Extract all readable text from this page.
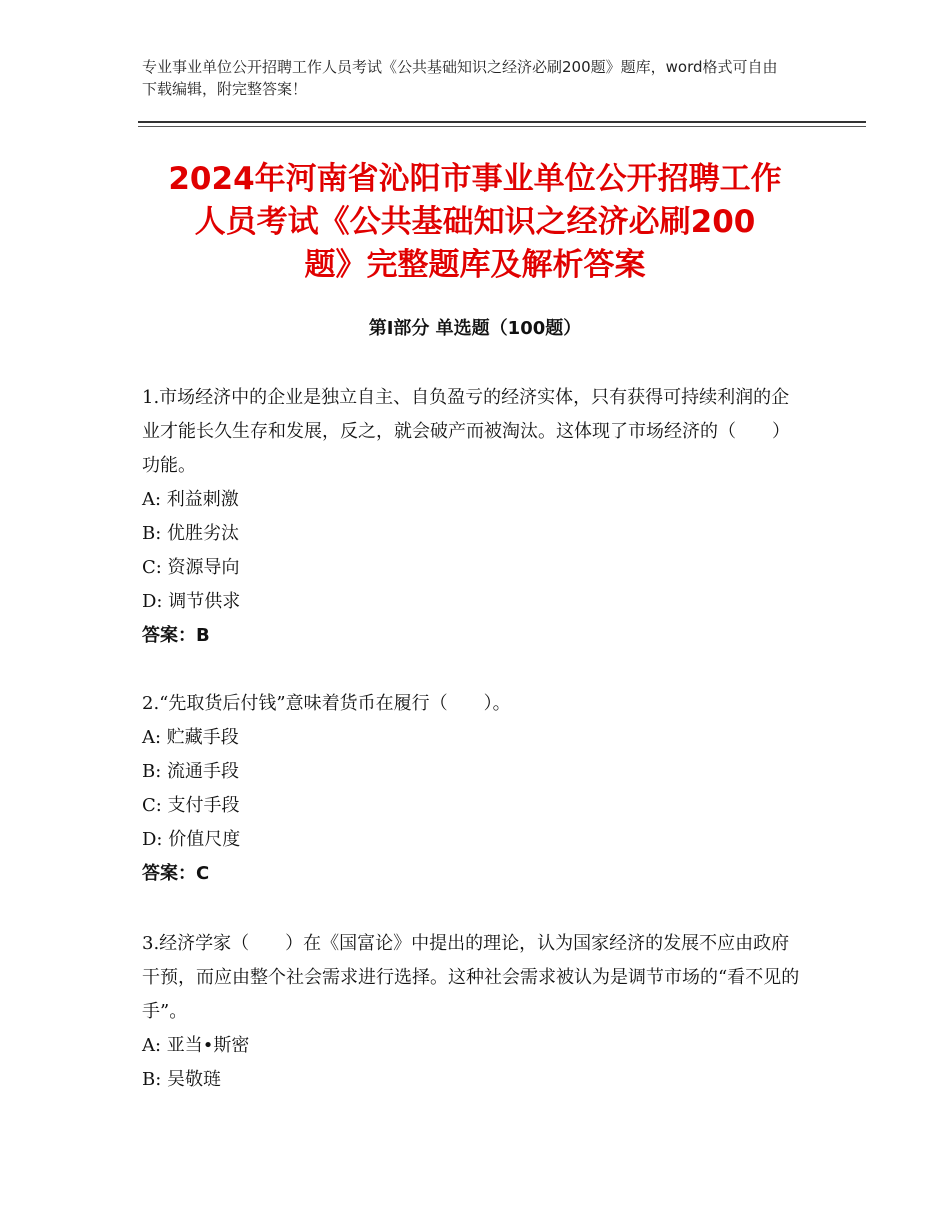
专业事业单位公开招聘工作人员考试《公共基础知识之经济必刷200题》题库，word格式可自由下载编辑，附完整答案！
2024年河南省沁阳市事业单位公开招聘工作
人员考试《公共基础知识之经济必刷200
题》完整题库及解析答案
第Ⅰ部分 单选题（100题）

1.市场经济中的企业是独立自主、自负盈亏的经济实体，只有获得可持续利润的企业才能长久生存和发展，反之，就会破产而被淘汰。这体现了市场经济的（　　）功能。

A: 利益刺激
B: 优胜劣汰
C: 资源导向
D: 调节供求
答案：B

2.“先取货后付钱”意味着货币在履行（　　）。

A: 贮藏手段
B: 流通手段
C: 支付手段
D: 价值尺度
答案：C

3.经济学家（　　）在《国富论》中提出的理论，认为国家经济的发展不应由政府干预，而应由整个社会需求进行选择。这种社会需求被认为是调节市场的“看不见的手”。

A: 亚当•斯密
B: 吴敬琏
